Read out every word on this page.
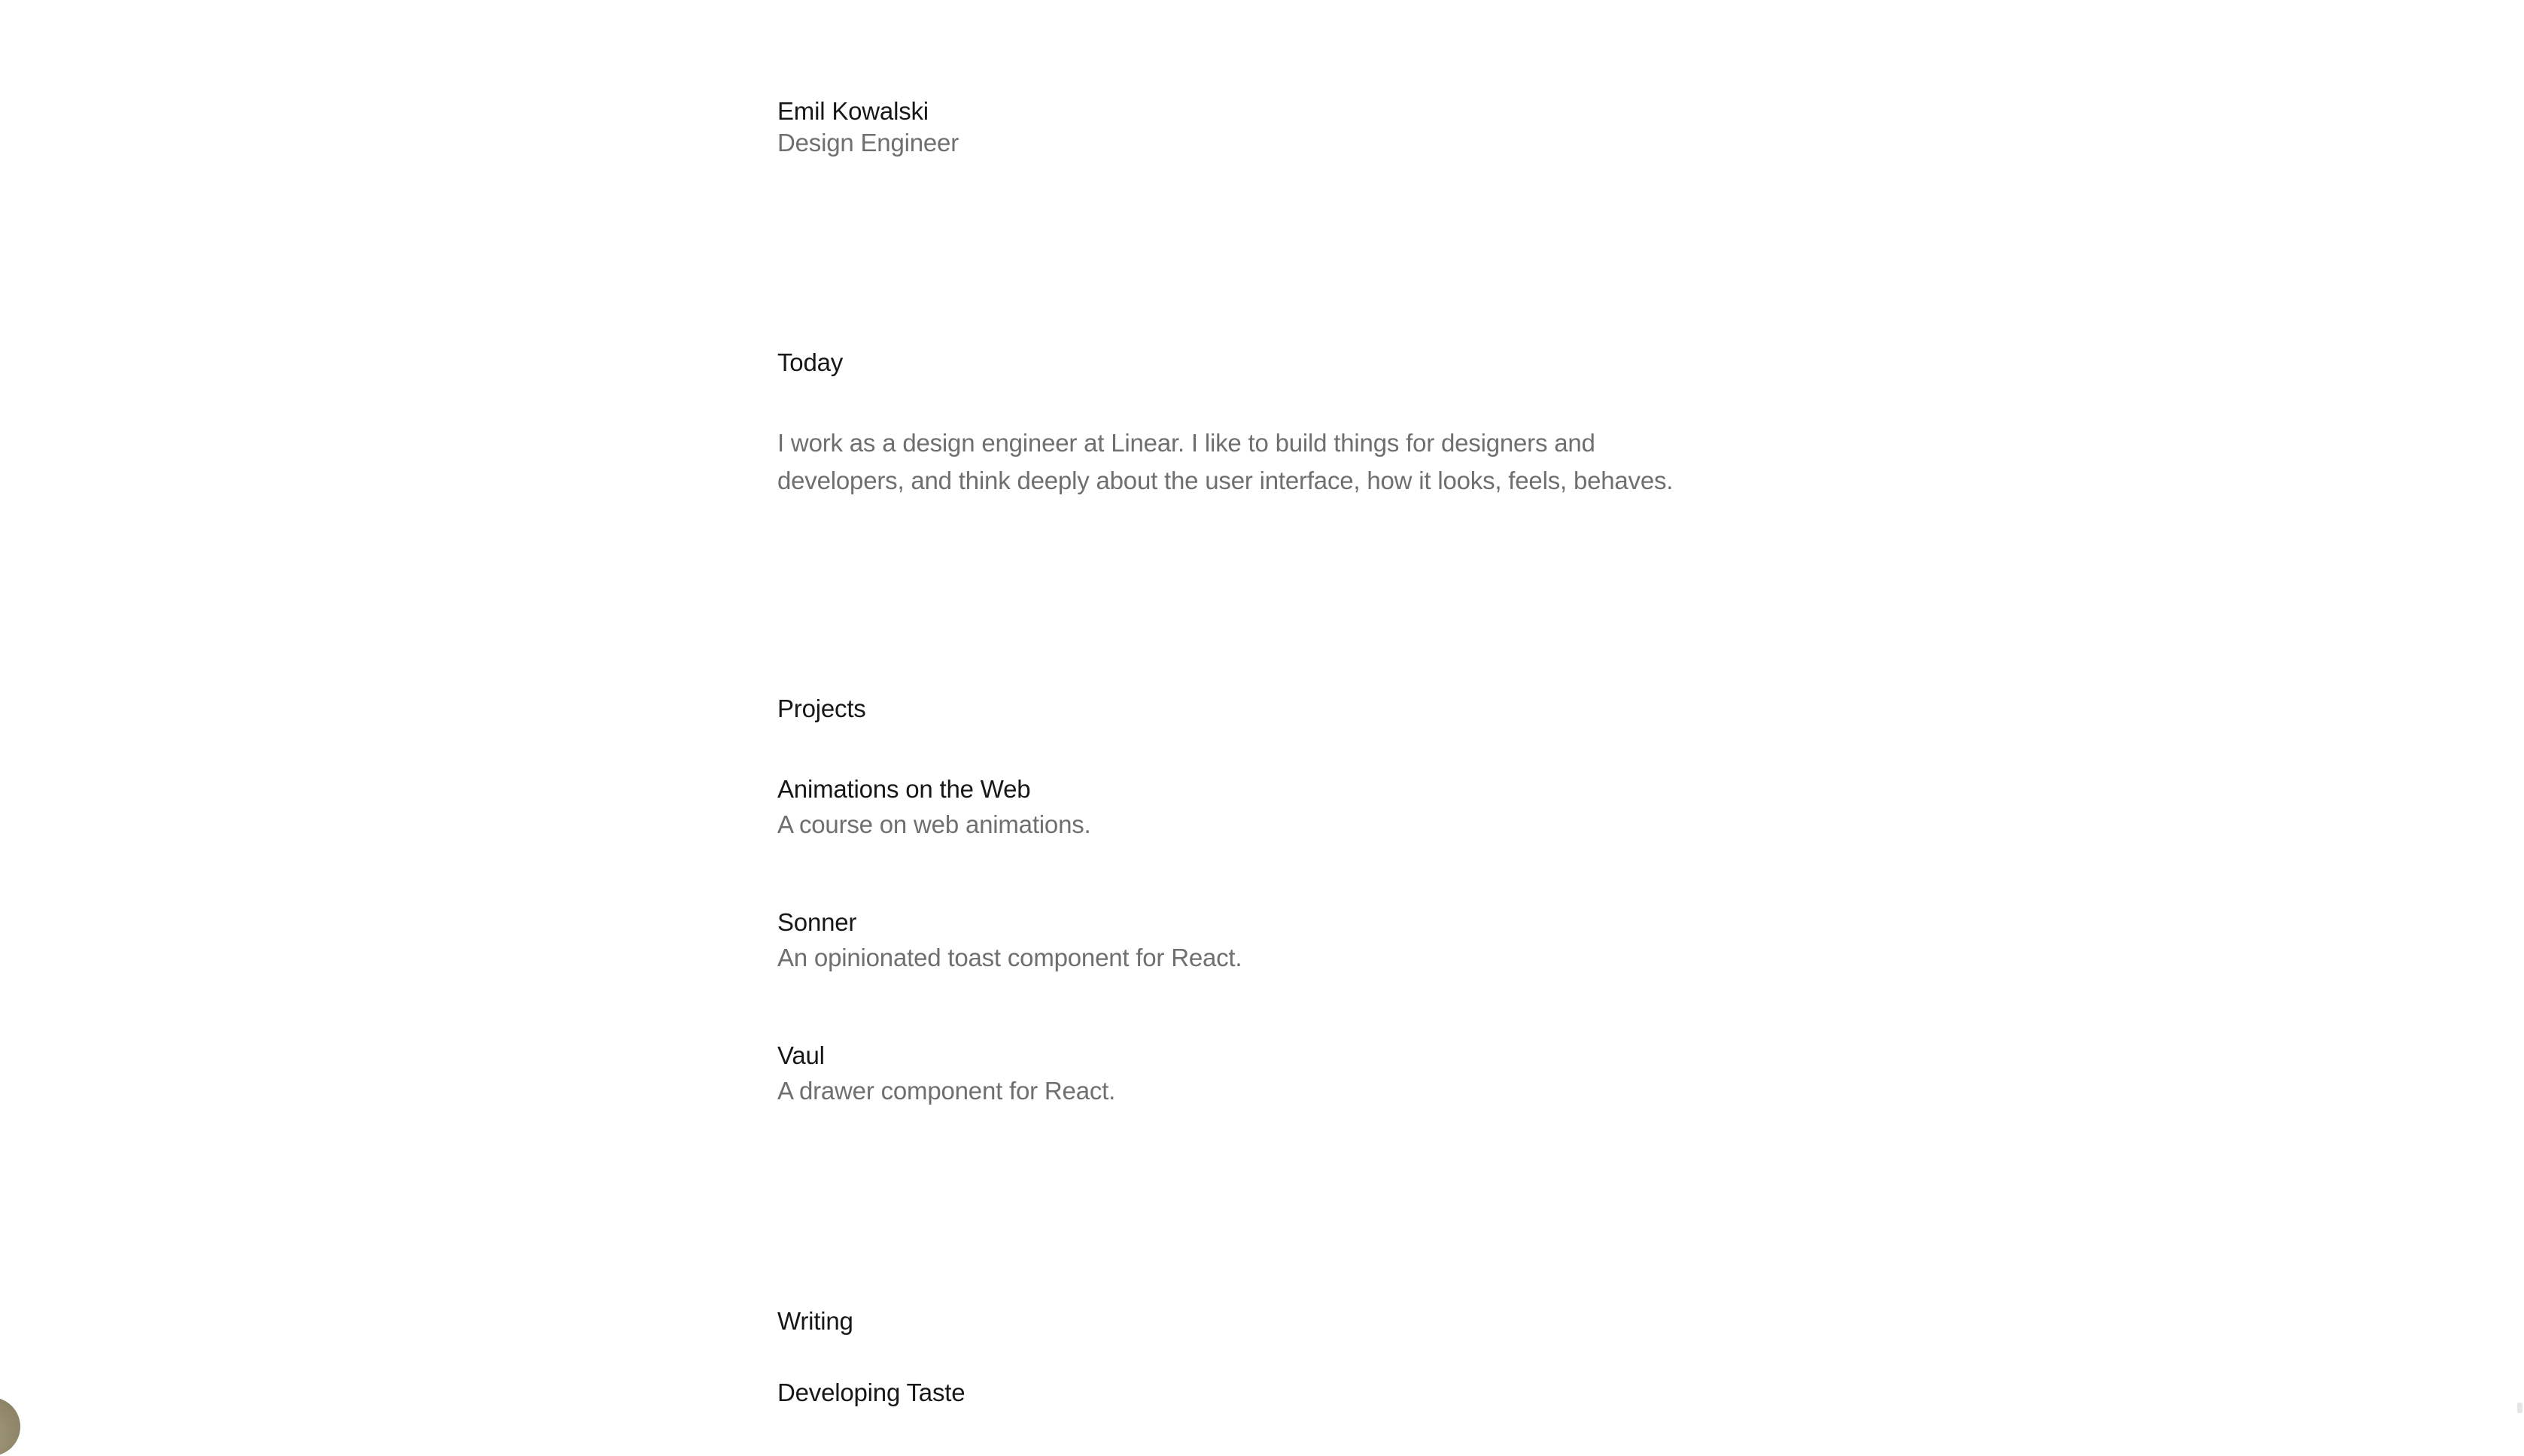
Emil Kowalski

Design Engineer

Today
I work as a design engineer at Linear. I like to build things for designers and
developers, and think deeply about the user interface, how it looks, feels, behaves.
Projects
Animations on the Web
A course on web animations.
Sonner
An opinionated toast component for React.
Vaul
A drawer component for React.
Writing
Developing Taste
